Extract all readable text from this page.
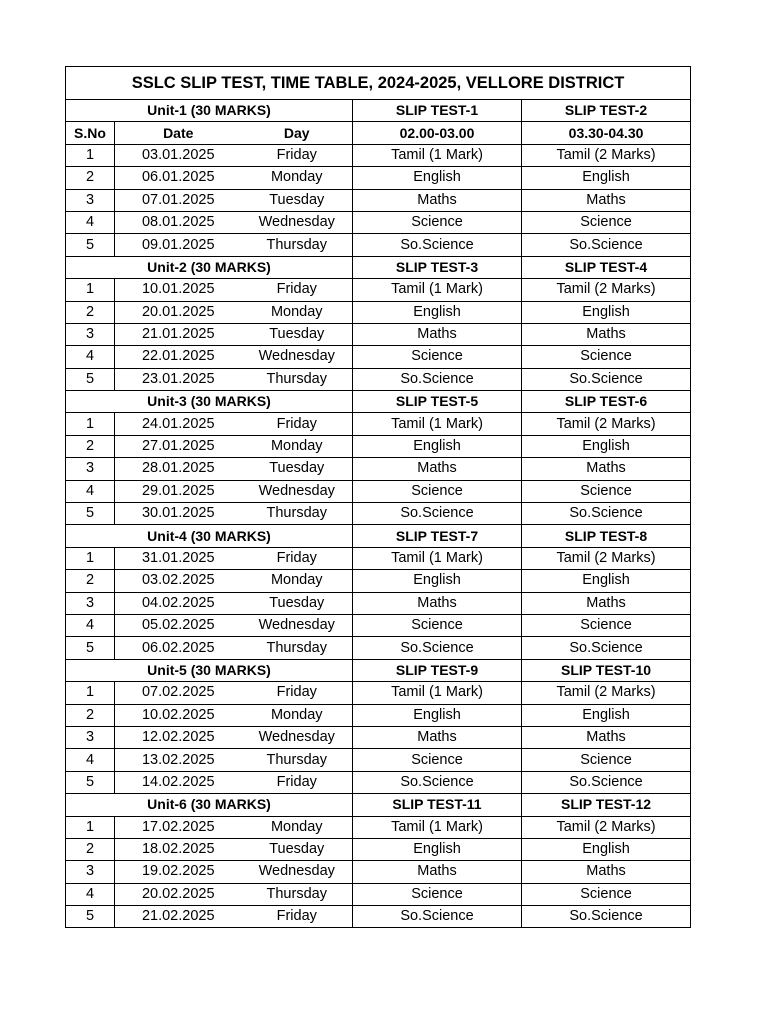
SSLC SLIP TEST, TIME TABLE, 2024-2025, VELLORE DISTRICT				
Unit-1 (30 MARKS)			SLIP TEST-1	SLIP TEST-2
S.No	Date	Day	02.00-03.00	03.30-04.30
1	03.01.2025	Friday	Tamil (1 Mark)	Tamil (2 Marks)
2	06.01.2025	Monday	English	English
3	07.01.2025	Tuesday	Maths	Maths
4	08.01.2025	Wednesday	Science	Science
5	09.01.2025	Thursday	So.Science	So.Science
Unit-2 (30 MARKS)			SLIP TEST-3	SLIP TEST-4
1	10.01.2025	Friday	Tamil (1 Mark)	Tamil (2 Marks)
2	20.01.2025	Monday	English	English
3	21.01.2025	Tuesday	Maths	Maths
4	22.01.2025	Wednesday	Science	Science
5	23.01.2025	Thursday	So.Science	So.Science
Unit-3 (30 MARKS)			SLIP TEST-5	SLIP TEST-6
1	24.01.2025	Friday	Tamil (1 Mark)	Tamil (2 Marks)
2	27.01.2025	Monday	English	English
3	28.01.2025	Tuesday	Maths	Maths
4	29.01.2025	Wednesday	Science	Science
5	30.01.2025	Thursday	So.Science	So.Science
Unit-4 (30 MARKS)			SLIP TEST-7	SLIP TEST-8
1	31.01.2025	Friday	Tamil (1 Mark)	Tamil (2 Marks)
2	03.02.2025	Monday	English	English
3	04.02.2025	Tuesday	Maths	Maths
4	05.02.2025	Wednesday	Science	Science
5	06.02.2025	Thursday	So.Science	So.Science
Unit-5 (30 MARKS)			SLIP TEST-9	SLIP TEST-10
1	07.02.2025	Friday	Tamil (1 Mark)	Tamil (2 Marks)
2	10.02.2025	Monday	English	English
3	12.02.2025	Wednesday	Maths	Maths
4	13.02.2025	Thursday	Science	Science
5	14.02.2025	Friday	So.Science	So.Science
Unit-6 (30 MARKS)			SLIP TEST-11	SLIP TEST-12
1	17.02.2025	Monday	Tamil (1 Mark)	Tamil (2 Marks)
2	18.02.2025	Tuesday	English	English
3	19.02.2025	Wednesday	Maths	Maths
4	20.02.2025	Thursday	Science	Science
5	21.02.2025	Friday	So.Science	So.Science
